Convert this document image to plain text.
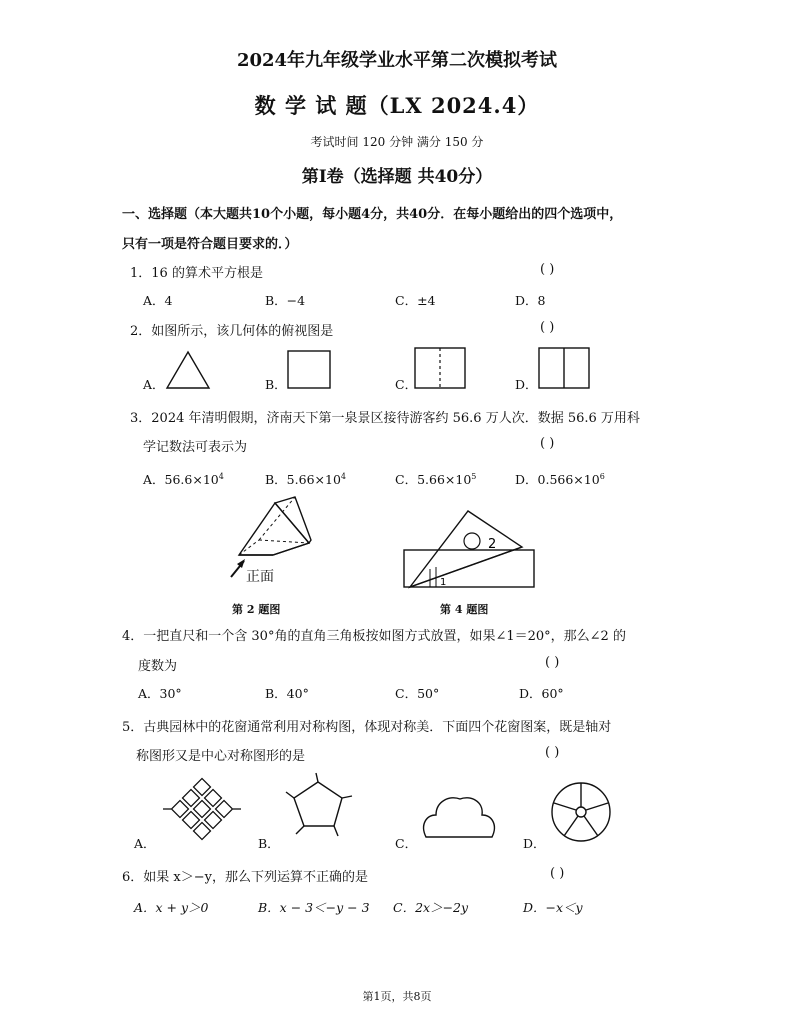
2024年九年级学业水平第二次模拟考试
数 学 试 题（LX 2024.4）
考试时间 120 分钟 满分 150 分
第Ⅰ卷（选择题 共40分）
一、选择题（本大题共10个小题，每小题4分，共40分．在每小题给出的四个选项中，
只有一项是符合题目要求的．）
1．16 的算术平方根是	( )
A．4	B．−4	C．±4	D．8
2．如图所示，该几何体的俯视图是	( )
A．	B．	C．	D．
3．2024 年清明假期，济南天下第一泉景区接待游客约 56.6 万人次．数据 56.6 万用科
学记数法可表示为	( )
A．$56.6\times 10^4$	B．$5.66\times 10^4$	C．$5.66\times 10^5$	D．$0.566\times 10^6$
正面
2
1
第 2 题图	第 4 题图
4．一把直尺和一个含 30°角的直角三角板按如图方式放置，如果∠1＝20°，那么∠2 的
度数为	( )
A．30°	B．40°	C．50°	D．60°
5．古典园林中的花窗通常利用对称构图，体现对称美．下面四个花窗图案，既是轴对
称图形又是中心对称图形的是	( )
A．	B．	C．	D．
6．如果 x＞−y，那么下列运算不正确的是	( )
A．x + y＞0	B．x − 3＜−y − 3 C．2x＞−2y	D．−x＜y
第1页，共8页
